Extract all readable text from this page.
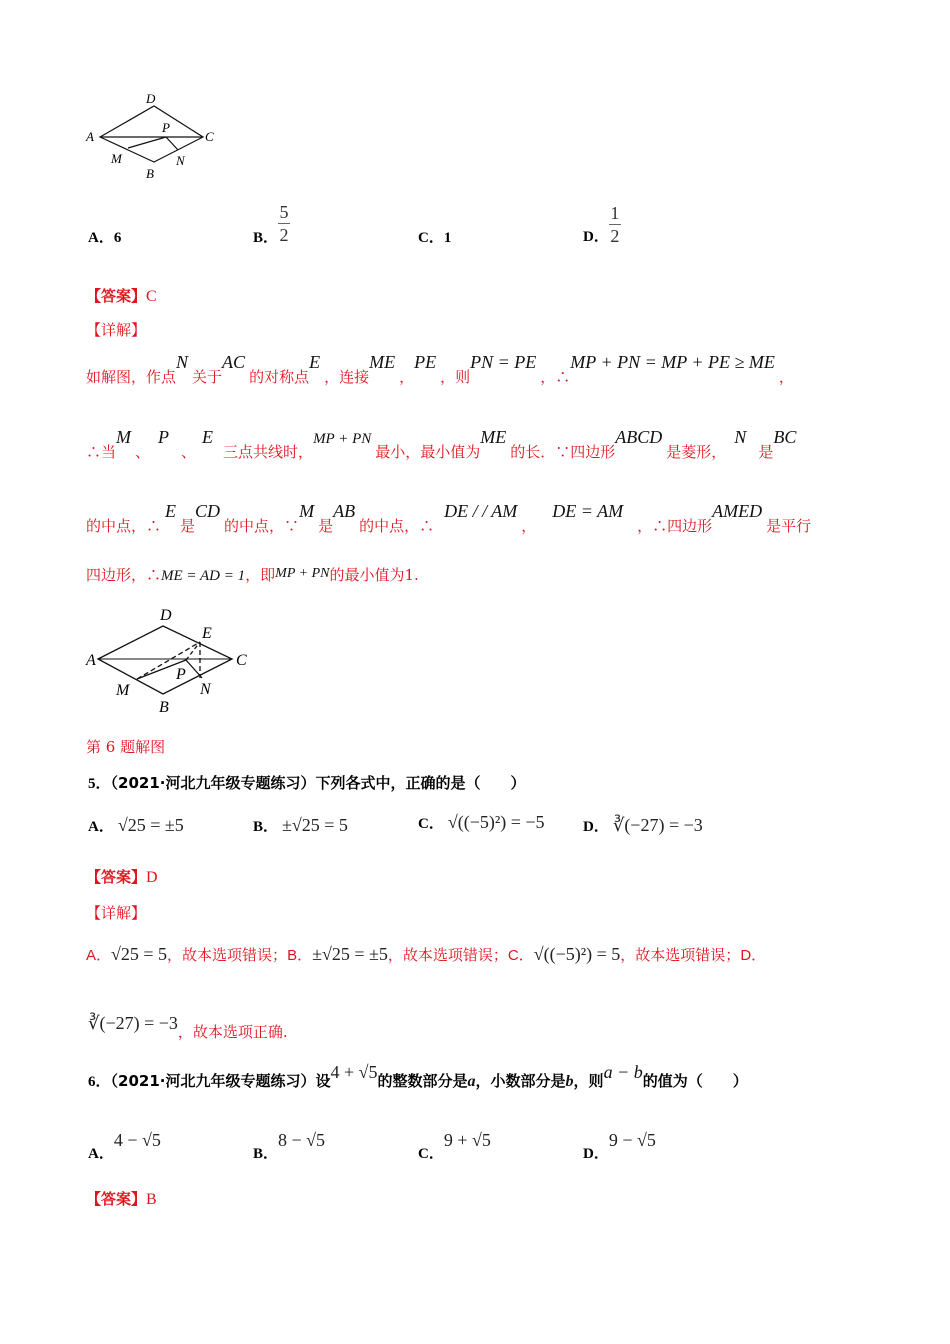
D
A	C
P
M	N
B
A．6	B． $\frac{5}{2}$	C．1	D． $\frac{1}{2}$
【答案】C
【详解】
如解图，作点N 关于AC 的对称点E ，连接ME ，PE ，则PN = PE ，∴MP + PN = MP + PE ≥ ME ，
∴当M 、P 、E 三点共线时，MP + PN 最小，最小值为ME 的长．∵四边形ABCD 是菱形，N 是BC
的中点，∴E 是CD 的中点，∵M 是AB 的中点，∴DE / / AM ，DE = AM ，∴四边形AMED 是平行
四边形，∴ME = AD = 1，即MP + PN的最小值为1.
D
E
A	C
P
M	N
B
第 6 题解图
5．（2021·河北九年级专题练习）下列各式中，正确的是（　　）
A． √25 = ±5	B． ±√25 = 5	C． √((−5)²) = −5	D． ∛(−27) = −3
【答案】D
【详解】
A．√25 = 5，故本选项错误；B．±√25 = ±5，故本选项错误；C．√((−5)²) = 5，故本选项错误；D．
∛(−27) = −3，故本选项正确.
6．（2021·河北九年级专题练习）设4 + √5的整数部分是a，小数部分是b，则a − b的值为（　　）
A．4 − √5
B．8 − √5
C．9 + √5
D．9 − √5
【答案】B
